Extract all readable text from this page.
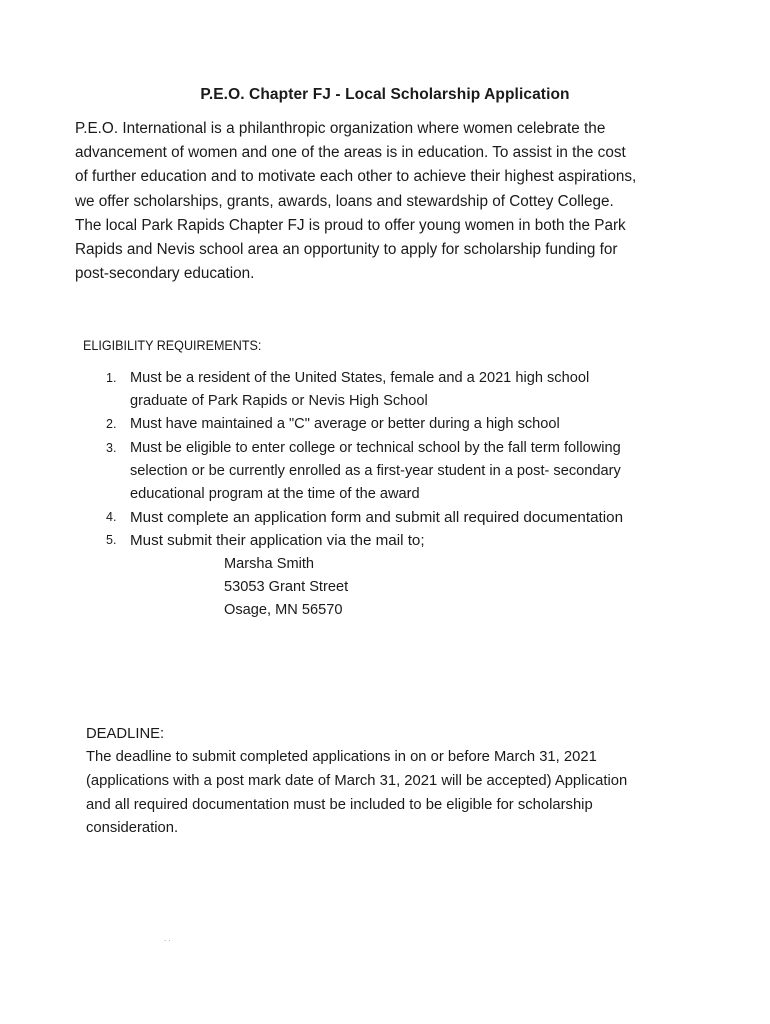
P.E.O. Chapter FJ - Local Scholarship Application

P.E.O. International is a philanthropic organization where women celebrate the
advancement of women and one of the areas is in education. To assist in the cost
of further education and to motivate each other to achieve their highest aspirations,
we offer scholarships, grants, awards, loans and stewardship of Cottey College.
The local Park Rapids Chapter FJ is proud to offer young women in both the Park
Rapids and Nevis school area an opportunity to apply for scholarship funding for
post-secondary education.

ELIGIBILITY REQUIREMENTS:
1. Must be a resident of the United States, female and a 2021 high school
graduate of Park Rapids or Nevis High School
2. Must have maintained a "C" average or better during a high school
3. Must be eligible to enter college or technical school by the fall term following
selection or be currently enrolled as a first-year student in a post- secondary
educational program at the time of the award
4. Must complete an application form and submit all required documentation
5. Must submit their application via the mail to;
Marsha Smith
53053 Grant Street
Osage, MN 56570
DEADLINE:
The deadline to submit completed applications in on or before March 31, 2021
(applications with a post mark date of March 31, 2021 will be accepted) Application
and all required documentation must be included to be eligible for scholarship
consideration.
. .
